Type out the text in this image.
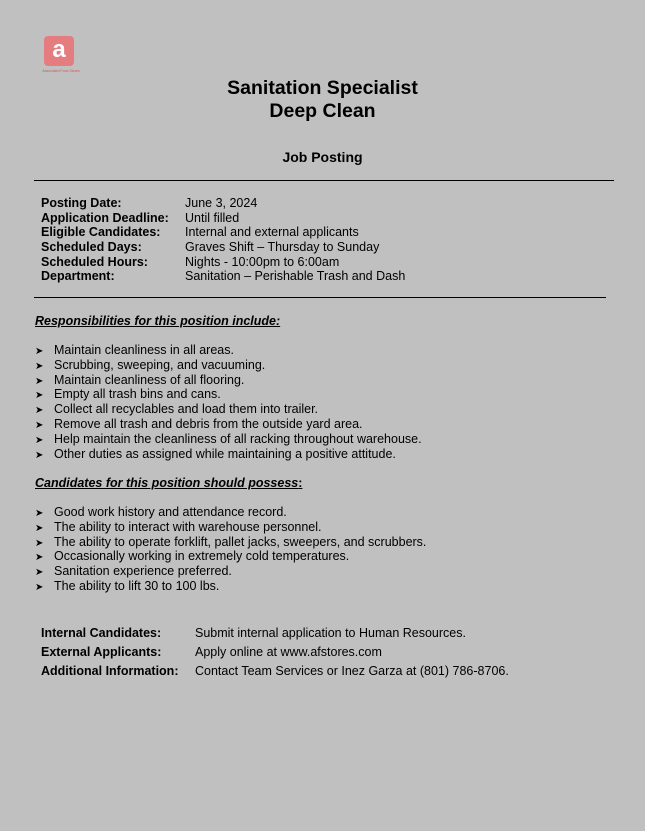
a
Associated Food Stores
Sanitation Specialist
Deep Clean
Job Posting
Posting Date:	June 3, 2024
Application Deadline: Until filled
Eligible Candidates: Internal and external applicants
Scheduled Days:	Graves Shift – Thursday to Sunday
Scheduled Hours:	Nights - 10:00pm to 6:00am
Department:	Sanitation – Perishable Trash and Dash
Responsibilities for this position include:
➤ Maintain cleanliness in all areas.
➤ Scrubbing, sweeping, and vacuuming.
➤ Maintain cleanliness of all flooring.
➤ Empty all trash bins and cans.
➤ Collect all recyclables and load them into trailer.
➤ Remove all trash and debris from the outside yard area.
➤ Help maintain the cleanliness of all racking throughout warehouse.
➤ Other duties as assigned while maintaining a positive attitude.
Candidates for this position should possess:
➤ Good work history and attendance record.
➤ The ability to interact with warehouse personnel.
➤ The ability to operate forklift, pallet jacks, sweepers, and scrubbers.
➤ Occasionally working in extremely cold temperatures.
➤ Sanitation experience preferred.
➤ The ability to lift 30 to 100 lbs.
Internal Candidates:	Submit internal application to Human Resources.
External Applicants:	Apply online at www.afstores.com
Additional Information: Contact Team Services or Inez Garza at (801) 786-8706.
